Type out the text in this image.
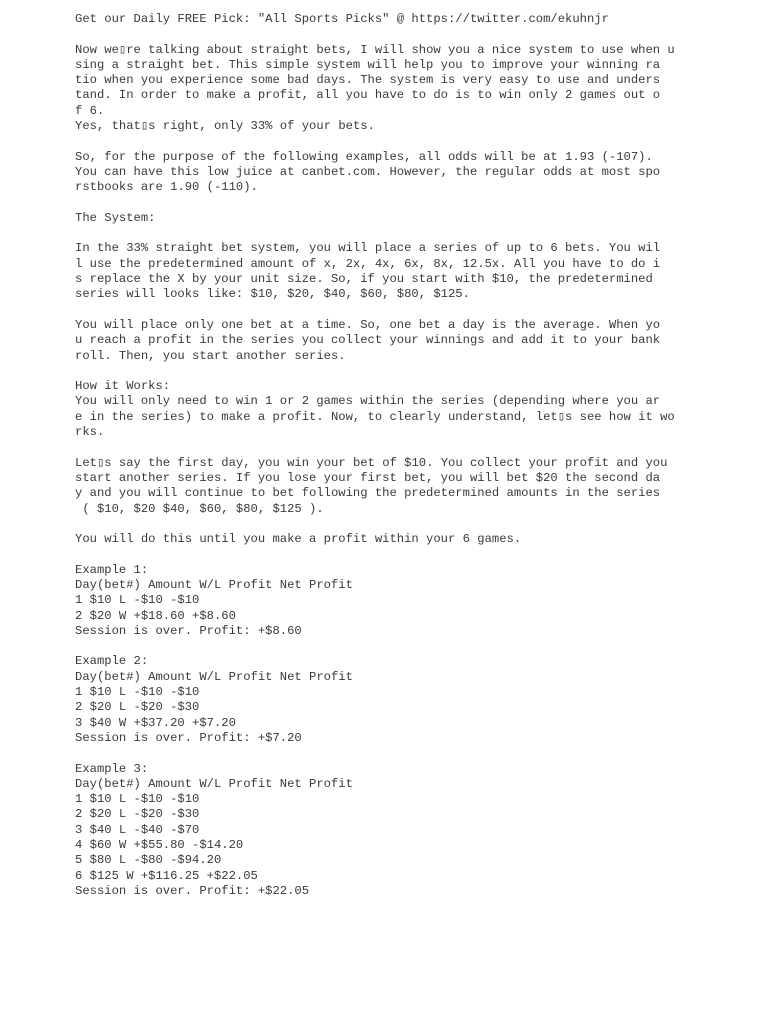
Get our Daily FREE Pick: "All Sports Picks" @ https://twitter.com/ekuhnjr
Now we▯re talking about straight bets, I will show you a nice system to use when u
sing a straight bet. This simple system will help you to improve your winning ra
tio when you experience some bad days. The system is very easy to use and unders
tand. In order to make a profit, all you have to do is to win only 2 games out o
f 6.
Yes, that▯s right, only 33% of your bets.
So, for the purpose of the following examples, all odds will be at 1.93 (-107).
You can have this low juice at canbet.com. However, the regular odds at most spo
rstbooks are 1.90 (-110).
The System:
In the 33% straight bet system, you will place a series of up to 6 bets. You wil
l use the predetermined amount of x, 2x, 4x, 6x, 8x, 12.5x. All you have to do i
s replace the X by your unit size. So, if you start with $10, the predetermined
series will looks like: $10, $20, $40, $60, $80, $125.
You will place only one bet at a time. So, one bet a day is the average. When yo
u reach a profit in the series you collect your winnings and add it to your bank
roll. Then, you start another series.
How it Works:
You will only need to win 1 or 2 games within the series (depending where you ar
e in the series) to make a profit. Now, to clearly understand, let▯s see how it wo
rks.
Let▯s say the first day, you win your bet of $10. You collect your profit and you
start another series. If you lose your first bet, you will bet $20 the second da
y and you will continue to bet following the predetermined amounts in the series
( $10, $20 $40, $60, $80, $125 ).
You will do this until you make a profit within your 6 games.
Example 1:
Day(bet#) Amount W/L Profit Net Profit
1 $10 L -$10 -$10
2 $20 W +$18.60 +$8.60
Session is over. Profit: +$8.60
Example 2:
Day(bet#) Amount W/L Profit Net Profit
1 $10 L -$10 -$10
2 $20 L -$20 -$30
3 $40 W +$37.20 +$7.20
Session is over. Profit: +$7.20
Example 3:
Day(bet#) Amount W/L Profit Net Profit
1 $10 L -$10 -$10
2 $20 L -$20 -$30
3 $40 L -$40 -$70
4 $60 W +$55.80 -$14.20
5 $80 L -$80 -$94.20
6 $125 W +$116.25 +$22.05
Session is over. Profit: +$22.05
